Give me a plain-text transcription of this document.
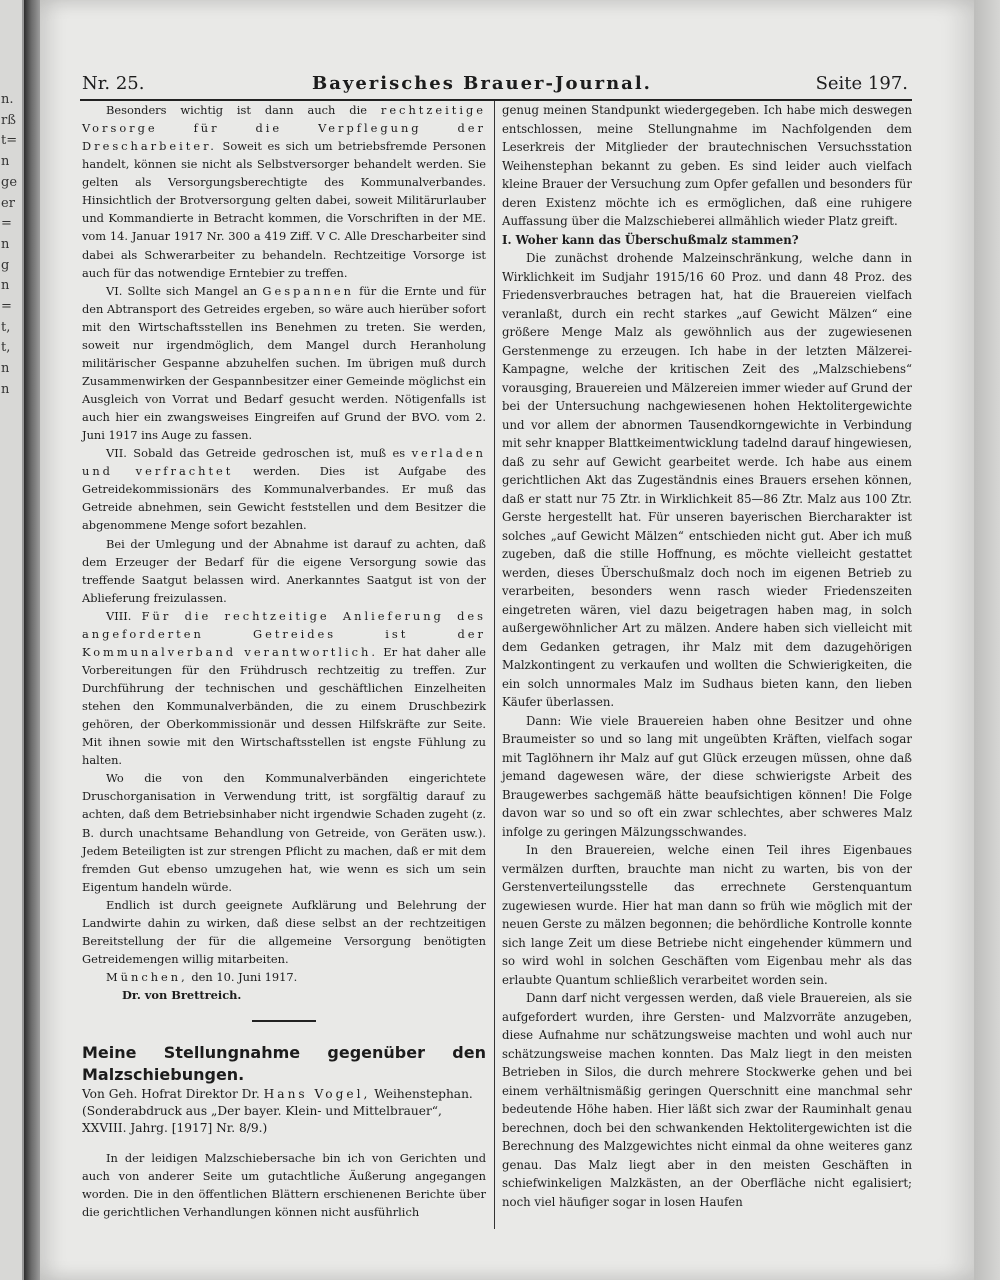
n.
rß
t=
n
ge
er
=
n
g
n
=
t,
t,
n
n
Nr. 25.	Bayerisches Brauer-Journal.	Seite 197.

Besonders wichtig ist dann auch die rechtzeitige Vorsorge für die Verpflegung der Drescharbeiter. Soweit es sich um betriebsfremde Personen handelt, können sie nicht als Selbstversorger behandelt werden. Sie gelten als Versorgungsberechtigte des Kommunalverbandes. Hinsichtlich der Brotversorgung gelten dabei, soweit Militärurlauber und Kommandierte in Betracht kommen, die Vorschriften in der ME. vom 14. Januar 1917 Nr. 300 a 419 Ziff. V C. Alle Drescharbeiter sind dabei als Schwerarbeiter zu behandeln. Rechtzeitige Vorsorge ist auch für das notwendige Erntebier zu treffen.

VI. Sollte sich Mangel an Gespannen für die Ernte und für den Abtransport des Getreides ergeben, so wäre auch hierüber sofort mit den Wirtschaftsstellen ins Benehmen zu treten. Sie werden, soweit nur irgendmöglich, dem Mangel durch Heranholung militärischer Gespanne abzuhelfen suchen. Im übrigen muß durch Zusammenwirken der Gespannbesitzer einer Gemeinde möglichst ein Ausgleich von Vorrat und Bedarf gesucht werden. Nötigenfalls ist auch hier ein zwangsweises Eingreifen auf Grund der BVO. vom 2. Juni 1917 ins Auge zu fassen.

VII. Sobald das Getreide gedroschen ist, muß es verladen und verfrachtet werden. Dies ist Aufgabe des Getreidekommissionärs des Kommunalverbandes. Er muß das Getreide abnehmen, sein Gewicht feststellen und dem Besitzer die abgenommene Menge sofort bezahlen.

Bei der Umlegung und der Abnahme ist darauf zu achten, daß dem Erzeuger der Bedarf für die eigene Versorgung sowie das treffende Saatgut belassen wird. Anerkanntes Saatgut ist von der Ablieferung freizulassen.

VIII. Für die rechtzeitige Anlieferung des angeforderten Getreides ist der Kommunalverband verantwortlich. Er hat daher alle Vorbereitungen für den Frühdrusch rechtzeitig zu treffen. Zur Durchführung der technischen und geschäftlichen Einzelheiten stehen den Kommunalverbänden, die zu einem Druschbezirk gehören, der Oberkommissionär und dessen Hilfskräfte zur Seite. Mit ihnen sowie mit den Wirtschaftsstellen ist engste Fühlung zu halten.

Wo die von den Kommunalverbänden eingerichtete Druschorganisation in Verwendung tritt, ist sorgfältig darauf zu achten, daß dem Betriebsinhaber nicht irgendwie Schaden zugeht (z. B. durch unachtsame Behandlung von Getreide, von Geräten usw.). Jedem Beteiligten ist zur strengen Pflicht zu machen, daß er mit dem fremden Gut ebenso umzugehen hat, wie wenn es sich um sein Eigentum handeln würde.

Endlich ist durch geeignete Aufklärung und Belehrung der Landwirte dahin zu wirken, daß diese selbst an der rechtzeitigen Bereitstellung der für die allgemeine Versorgung benötigten Getreidemengen willig mitarbeiten.

München, den 10. Juni 1917.

Dr. von Brettreich.

Meine Stellungnahme gegenüber den Malzschiebungen.

Von Geh. Hofrat Direktor Dr. Hans Vogel, Weihenstephan.

(Sonderabdruck aus „Der bayer. Klein- und Mittelbrauer“,
XXVIII. Jahrg. [1917] Nr. 8/9.)

In der leidigen Malzschiebersache bin ich von Gerichten und auch von anderer Seite um gutachtliche Äußerung angegangen worden. Die in den öffentlichen Blättern erschienenen Berichte über die gerichtlichen Verhandlungen können nicht ausführlich

genug meinen Standpunkt wiedergegeben. Ich habe mich deswegen entschlossen, meine Stellungnahme im Nachfolgenden dem Leserkreis der Mitglieder der brautechnischen Versuchsstation Weihenstephan bekannt zu geben. Es sind leider auch vielfach kleine Brauer der Versuchung zum Opfer gefallen und besonders für deren Existenz möchte ich es ermöglichen, daß eine ruhigere Auffassung über die Malzschieberei allmählich wieder Platz greift.

I. Woher kann das Überschußmalz stammen?

Die zunächst drohende Malzeinschränkung, welche dann in Wirklichkeit im Sudjahr 1915/16 60 Proz. und dann 48 Proz. des Friedensverbrauches betragen hat, hat die Brauereien vielfach veranlaßt, durch ein recht starkes „auf Gewicht Mälzen“ eine größere Menge Malz als gewöhnlich aus der zugewiesenen Gerstenmenge zu erzeugen. Ich habe in der letzten Mälzerei-Kampagne, welche der kritischen Zeit des „Malzschiebens“ vorausging, Brauereien und Mälzereien immer wieder auf Grund der bei der Untersuchung nachgewiesenen hohen Hektolitergewichte und vor allem der abnormen Tausendkorngewichte in Verbindung mit sehr knapper Blattkeimentwicklung tadelnd darauf hingewiesen, daß zu sehr auf Gewicht gearbeitet werde. Ich habe aus einem gerichtlichen Akt das Zugeständnis eines Brauers ersehen können, daß er statt nur 75 Ztr. in Wirklichkeit 85—86 Ztr. Malz aus 100 Ztr. Gerste hergestellt hat. Für unseren bayerischen Biercharakter ist solches „auf Gewicht Mälzen“ entschieden nicht gut. Aber ich muß zugeben, daß die stille Hoffnung, es möchte vielleicht gestattet werden, dieses Überschußmalz doch noch im eigenen Betrieb zu verarbeiten, besonders wenn rasch wieder Friedenszeiten eingetreten wären, viel dazu beigetragen haben mag, in solch außergewöhnlicher Art zu mälzen. Andere haben sich vielleicht mit dem Gedanken getragen, ihr Malz mit dem dazugehörigen Malzkontingent zu verkaufen und wollten die Schwierigkeiten, die ein solch unnormales Malz im Sudhaus bieten kann, den lieben Käufer überlassen.

Dann: Wie viele Brauereien haben ohne Besitzer und ohne Braumeister so und so lang mit ungeübten Kräften, vielfach sogar mit Taglöhnern ihr Malz auf gut Glück erzeugen müssen, ohne daß jemand dagewesen wäre, der diese schwierigste Arbeit des Braugewerbes sachgemäß hätte beaufsichtigen können! Die Folge davon war so und so oft ein zwar schlechtes, aber schweres Malz infolge zu geringen Mälzungsschwandes.

In den Brauereien, welche einen Teil ihres Eigenbaues vermälzen durften, brauchte man nicht zu warten, bis von der Gerstenverteilungsstelle das errechnete Gerstenquantum zugewiesen wurde. Hier hat man dann so früh wie möglich mit der neuen Gerste zu mälzen begonnen; die behördliche Kontrolle konnte sich lange Zeit um diese Betriebe nicht eingehender kümmern und so wird wohl in solchen Geschäften vom Eigenbau mehr als das erlaubte Quantum schließlich verarbeitet worden sein.

Dann darf nicht vergessen werden, daß viele Brauereien, als sie aufgefordert wurden, ihre Gersten- und Malzvorräte anzugeben, diese Aufnahme nur schätzungsweise machten und wohl auch nur schätzungsweise machen konnten. Das Malz liegt in den meisten Betrieben in Silos, die durch mehrere Stockwerke gehen und bei einem verhältnismäßig geringen Querschnitt eine manchmal sehr bedeutende Höhe haben. Hier läßt sich zwar der Rauminhalt genau berechnen, doch bei den schwankenden Hektolitergewichten ist die Berechnung des Malzgewichtes nicht einmal da ohne weiteres ganz genau. Das Malz liegt aber in den meisten Geschäften in schiefwinkeligen Malzkästen, an der Oberfläche nicht egalisiert; noch viel häufiger sogar in losen Haufen
